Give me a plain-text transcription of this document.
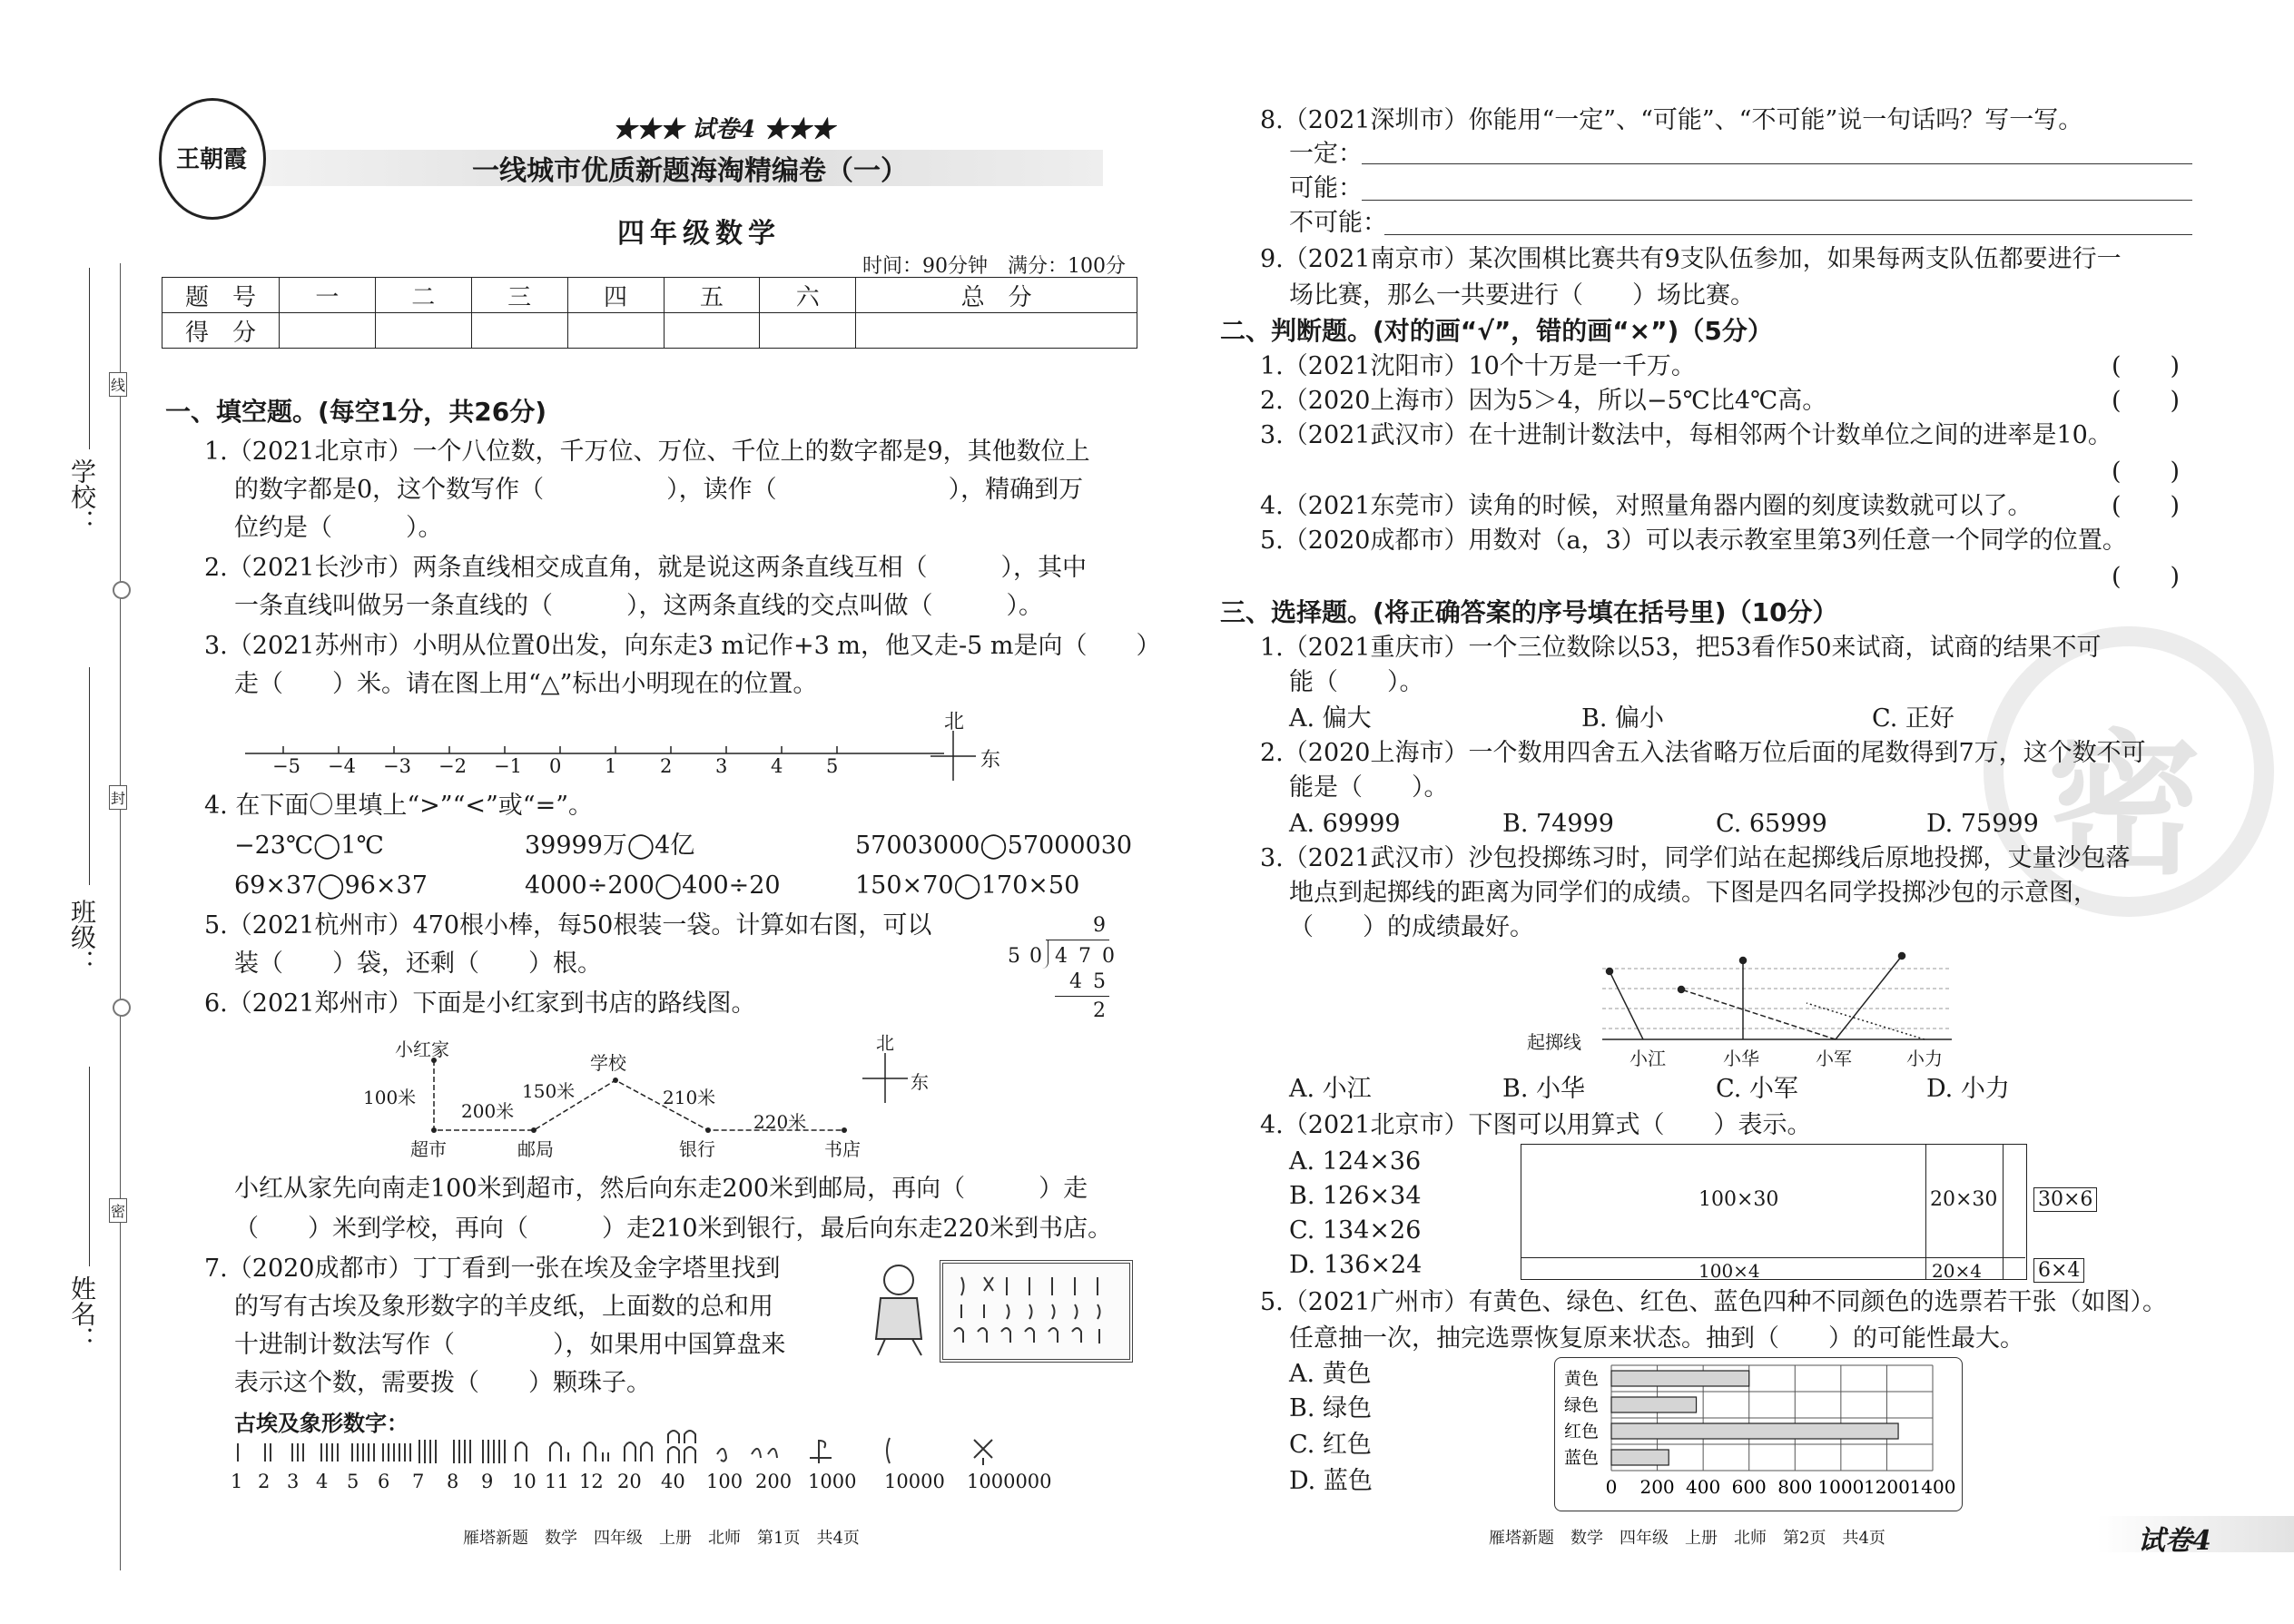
学校：
班级：
姓名：
线
封
密
王朝霞
★★★ 试卷4 ★★★
一线城市优质新题海淘精编卷（一）
四年级数学
时间：90分钟　满分：100分
题　号	一	二	三	四	五	六	总　分
得　分							
一、填空题。(每空1分，共26分)
1.（2021北京市）一个八位数，千万位、万位、千位上的数字都是9，其他数位上
的数字都是0，这个数写作（　　　　　），读作（　　　　　　　），精确到万
位约是（　　　）。
2.（2021长沙市）两条直线相交成直角，就是说这两条直线互相（　　　），其中
一条直线叫做另一条直线的（　　　），这两条直线的交点叫做（　　　）。
3.（2021苏州市）小明从位置0出发，向东走3 m记作+3 m，他又走-5 m是向（　　）
走（　　）米。请在图上用“△”标出小明现在的位置。
−5 −4 −3 −2 −1 0 1 2 3 4 5
北
东
4. 在下面〇里填上“>”“<”或“=”。
−23℃◯1℃	39999万◯4亿	57003000◯57000030
69×37◯96×37	4000÷200◯400÷20	150×70◯170×50
5.（2021杭州市）470根小棒，每50根装一袋。计算如右图，可以
装（　　）袋，还剩（　　）根。
9
50 470
45
2
6.（2021郑州市）下面是小红家到书店的路线图。
小红家
100米
200米
150米
学校
210米
220米
超市	邮局	银行	书店
北
东
小红从家先向南走100米到超市，然后向东走200米到邮局，再向（　　　）走
（　　）米到学校，再向（　　　）走210米到银行，最后向东走220米到书店。
7.（2020成都市）丁丁看到一张在埃及金字塔里找到
的写有古埃及象形数字的羊皮纸，上面数的总和用
十进制计数法写作（　　　　），如果用中国算盘来
表示这个数，需要拨（　　）颗珠子。
古埃及象形数字：
1 2 3 4 5 6 7 8 9 10 11 12 20 40 100 200 1000 10000 1000000
雁塔新题　数学　四年级　上册　北师　第1页　共4页
密
8.（2021深圳市）你能用“一定”、“可能”、“不可能”说一句话吗？写一写。
一定：
可能：
不可能：
9.（2021南京市）某次围棋比赛共有9支队伍参加，如果每两支队伍都要进行一
场比赛，那么一共要进行（　　）场比赛。
二、判断题。(对的画“√”，错的画“×”)（5分）
1.（2021沈阳市）10个十万是一千万。	(　　)
2.（2020上海市）因为5＞4，所以−5℃比4℃高。	(　　)
3.（2021武汉市）在十进制计数法中，每相邻两个计数单位之间的进率是10。
(　　)
4.（2021东莞市）读角的时候，对照量角器内圈的刻度读数就可以了。	(　　)
5.（2020成都市）用数对（a，3）可以表示教室里第3列任意一个同学的位置。
(　　)
三、选择题。(将正确答案的序号填在括号里)（10分）
1.（2021重庆市）一个三位数除以53，把53看作50来试商，试商的结果不可
能（　　）。
A. 偏大	B. 偏小	C. 正好
2.（2020上海市）一个数用四舍五入法省略万位后面的尾数得到7万，这个数不可
能是（　　）。
A. 69999	B. 74999	C. 65999	D. 75999
3.（2021武汉市）沙包投掷练习时，同学们站在起掷线后原地投掷，丈量沙包落
地点到起掷线的距离为同学们的成绩。下图是四名同学投掷沙包的示意图，
（　　）的成绩最好。
起掷线
小江	小华	小军	小力
A. 小江	B. 小华	C. 小军	D. 小力
4.（2021北京市）下图可以用算式（　　）表示。
A. 124×36
B. 126×34
C. 134×26
D. 136×24
100×30	20×30
100×4	20×4
30×6
6×4
5.（2021广州市）有黄色、绿色、红色、蓝色四种不同颜色的选票若干张（如图）。
任意抽一次，抽完选票恢复原来状态。抽到（　　）的可能性最大。
A. 黄色
B. 绿色
C. 红色
D. 蓝色	0 200 400 600 800 1000 1200 1400
黄色
绿色
红色
蓝色
雁塔新题　数学　四年级　上册　北师　第2页　共4页	试卷4
